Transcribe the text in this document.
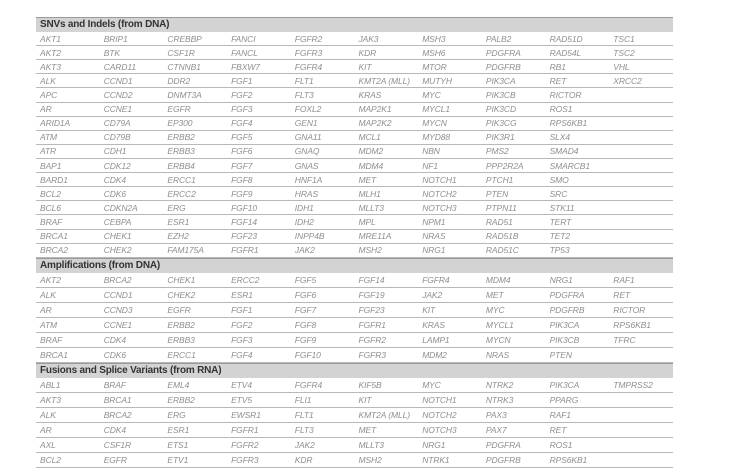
SNVs and Indels (from DNA)
AKT1	BRIP1	CREBBP	FANCI	FGFR2	JAK3	MSH3	PALB2	RAD51D	TSC1
AKT2	BTK	CSF1R	FANCL	FGFR3	KDR	MSH6	PDGFRA	RAD54L	TSC2
AKT3	CARD11	CTNNB1	FBXW7	FGFR4	KIT	MTOR	PDGFRB	RB1	VHL
ALK	CCND1	DDR2	FGF1	FLT1	KMT2A (MLL)	MUTYH	PIK3CA	RET	XRCC2
APC	CCND2	DNMT3A	FGF2	FLT3	KRAS	MYC	PIK3CB	RICTOR
AR	CCNE1	EGFR	FGF3	FOXL2	MAP2K1	MYCL1	PIK3CD	ROS1
ARID1A	CD79A	EP300	FGF4	GEN1	MAP2K2	MYCN	PIK3CG	RPS6KB1
ATM	CD79B	ERBB2	FGF5	GNA11	MCL1	MYD88	PIK3R1	SLX4
ATR	CDH1	ERBB3	FGF6	GNAQ	MDM2	NBN	PMS2	SMAD4
BAP1	CDK12	ERBB4	FGF7	GNAS	MDM4	NF1	PPP2R2A	SMARCB1
BARD1	CDK4	ERCC1	FGF8	HNF1A	MET	NOTCH1	PTCH1	SMO
BCL2	CDK6	ERCC2	FGF9	HRAS	MLH1	NOTCH2	PTEN	SRC
BCL6	CDKN2A	ERG	FGF10	IDH1	MLLT3	NOTCH3	PTPN11	STK11
BRAF	CEBPA	ESR1	FGF14	IDH2	MPL	NPM1	RAD51	TERT
BRCA1	CHEK1	EZH2	FGF23	INPP4B	MRE11A	NRAS	RAD51B	TET2
BRCA2	CHEK2	FAM175A	FGFR1	JAK2	MSH2	NRG1	RAD51C	TP53
Amplifications (from DNA)
AKT2	BRCA2	CHEK1	ERCC2	FGF5	FGF14	FGFR4	MDM4	NRG1	RAF1
ALK	CCND1	CHEK2	ESR1	FGF6	FGF19	JAK2	MET	PDGFRA	RET
AR	CCND3	EGFR	FGF1	FGF7	FGF23	KIT	MYC	PDGFRB	RICTOR
ATM	CCNE1	ERBB2	FGF2	FGF8	FGFR1	KRAS	MYCL1	PIK3CA	RPS6KB1
BRAF	CDK4	ERBB3	FGF3	FGF9	FGFR2	LAMP1	MYCN	PIK3CB	TFRC
BRCA1	CDK6	ERCC1	FGF4	FGF10	FGFR3	MDM2	NRAS	PTEN
Fusions and Splice Variants (from RNA)
ABL1	BRAF	EML4	ETV4	FGFR4	KIF5B	MYC	NTRK2	PIK3CA	TMPRSS2
AKT3	BRCA1	ERBB2	ETV5	FLI1	KIT	NOTCH1	NTRK3	PPARG
ALK	BRCA2	ERG	EWSR1	FLT1	KMT2A (MLL)	NOTCH2	PAX3	RAF1
AR	CDK4	ESR1	FGFR1	FLT3	MET	NOTCH3	PAX7	RET
AXL	CSF1R	ETS1	FGFR2	JAK2	MLLT3	NRG1	PDGFRA	ROS1
BCL2	EGFR	ETV1	FGFR3	KDR	MSH2	NTRK1	PDGFRB	RPS6KB1
